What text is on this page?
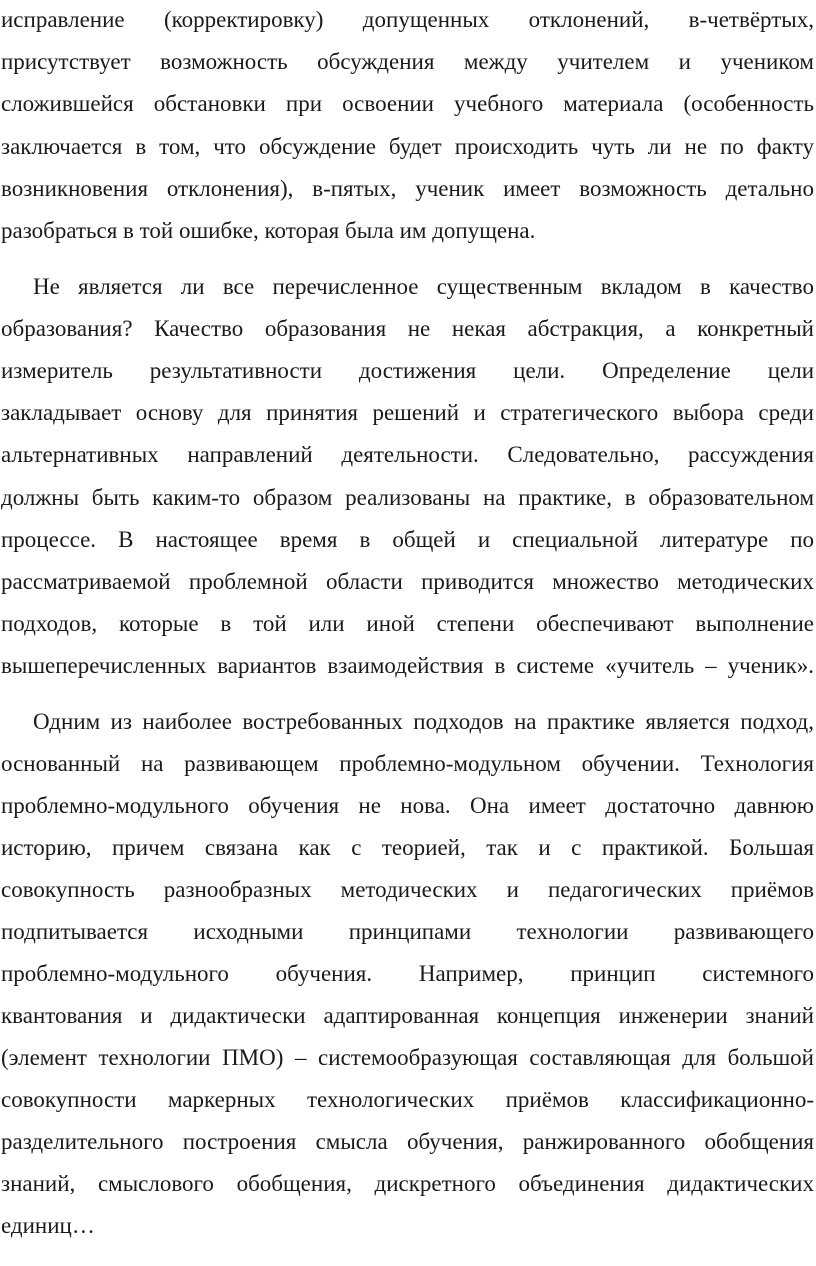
исправление (корректировку) допущенных отклонений, в-четвёртых,
присутствует возможность обсуждения между учителем и учеником
сложившейся обстановки при освоении учебного материала (особенность
заключается в том, что обсуждение будет происходить чуть ли не по факту
возникновения отклонения), в-пятых, ученик имеет возможность детально
разобраться в той ошибке, которая была им допущена.
Не является ли все перечисленное существенным вкладом в качество
образования? Качество образования не некая абстракция, а конкретный
измеритель результативности достижения цели. Определение цели
закладывает основу для принятия решений и стратегического выбора среди
альтернативных направлений деятельности. Следовательно, рассуждения
должны быть каким-то образом реализованы на практике, в образовательном
процессе. В настоящее время в общей и специальной литературе по
рассматриваемой проблемной области приводится множество методических
подходов, которые в той или иной степени обеспечивают выполнение
вышеперечисленных вариантов взаимодействия в системе «учитель – ученик».
Одним из наиболее востребованных подходов на практике является подход,
основанный на развивающем проблемно-модульном обучении. Технология
проблемно-модульного обучения не нова. Она имеет достаточно давнюю
историю, причем связана как с теорией, так и с практикой. Большая
совокупность разнообразных методических и педагогических приёмов
подпитывается исходными принципами технологии развивающего
проблемно-модульного обучения. Например, принцип системного
квантования и дидактически адаптированная концепция инженерии знаний
(элемент технологии ПМО) – системообразующая составляющая для большой
совокупности маркерных технологических приёмов классификационно-
разделительного построения смысла обучения, ранжированного обобщения
знаний, смыслового обобщения, дискретного объединения дидактических
единиц…
